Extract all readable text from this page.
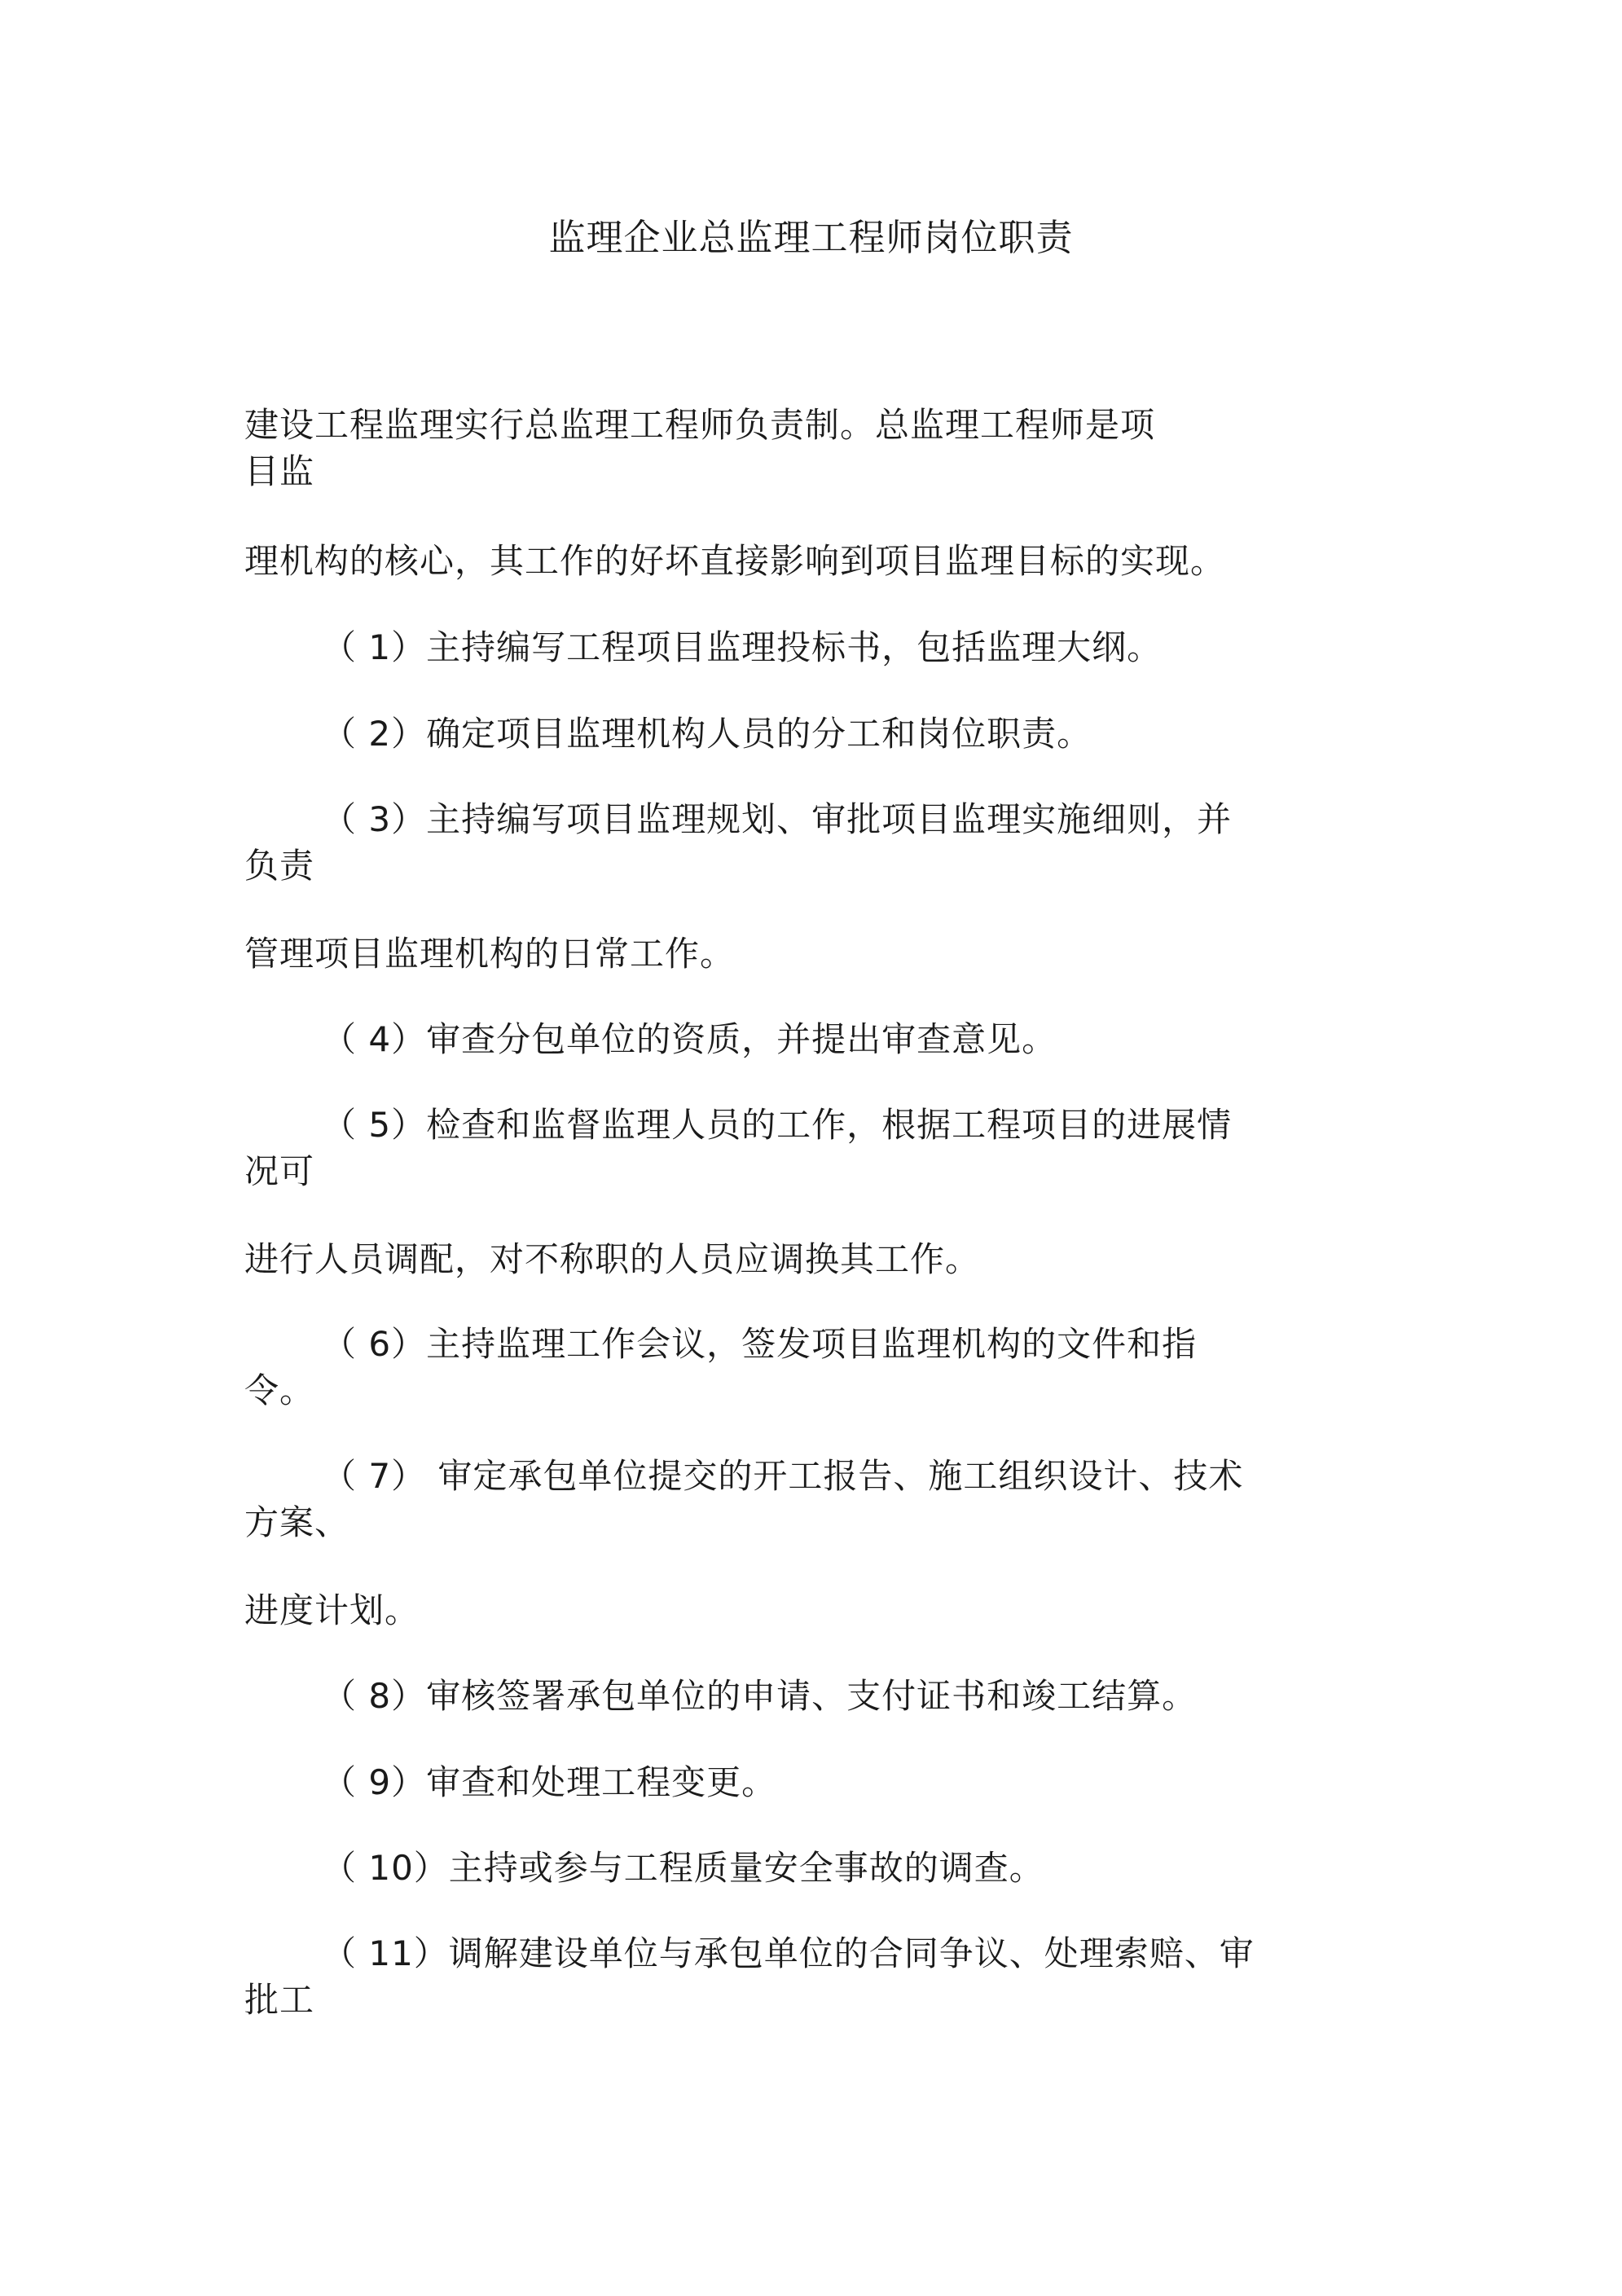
监理企业总监理工程师岗位职责
建设工程监理实行总监理工程师负责制。总监理工程师是项
目监
理机构的核心，其工作的好坏直接影响到项目监理目标的实现。
（ 1）主持编写工程项目监理投标书，包括监理大纲。
（ 2）确定项目监理机构人员的分工和岗位职责。
（ 3）主持编写项目监理规划、审批项目监理实施细则，并
负责
管理项目监理机构的日常工作。
（ 4）审查分包单位的资质，并提出审查意见。
（ 5）检查和监督监理人员的工作，根据工程项目的进展情
况可
进行人员调配，对不称职的人员应调换其工作。
（ 6）主持监理工作会议，签发项目监理机构的文件和指
令。
（ 7） 审定承包单位提交的开工报告、施工组织设计、技术
方案、
进度计划。
（ 8）审核签署承包单位的申请、支付证书和竣工结算。
（ 9）审查和处理工程变更。
（ 10）主持或参与工程质量安全事故的调查。
（ 11）调解建设单位与承包单位的合同争议、处理索赔、审
批工
